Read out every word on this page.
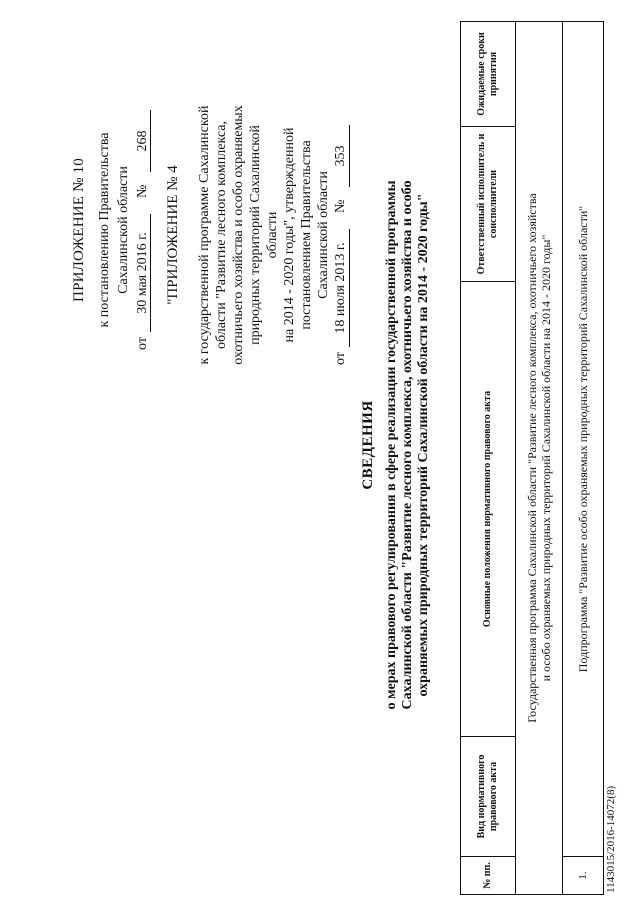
ПРИЛОЖЕНИЕ № 10 к постановлению Правительства Сахалинской области
от
30 мая 2016 г.
№
268
"ПРИЛОЖЕНИЕ № 4 к государственной программе Сахалинской области "Развитие лесного комплекса, охотничьего хозяйства и особо охраняемых природных территорий Сахалинской области на 2014 - 2020 годы", утвержденной постановлением Правительства Сахалинской области
от
18 июля 2013 г.
№
353
СВЕДЕНИЯ о мерах правового регулирования в сфере реализации государственной программы Сахалинской области "Развитие лесного комплекса, охотничьего хозяйства и особо охраняемых природных территорий Сахалинской области на 2014 - 2020 годы"
№ пп.	Вид нормативного правового акта	Основные положения нормативного правового акта	Ответственный исполнитель и соисполнители	Ожидаемые сроки принятия

Государственная программа Сахалинской области "Развитие лесного комплекса, охотничьего хозяйства и особо охраняемых природных территорий Сахалинской области на 2014 - 2020 годы"				

1.	Подпрограмма "Развитие особо охраняемых природных территорий Сахалинской области"			
1143015/2016-14072(8)
